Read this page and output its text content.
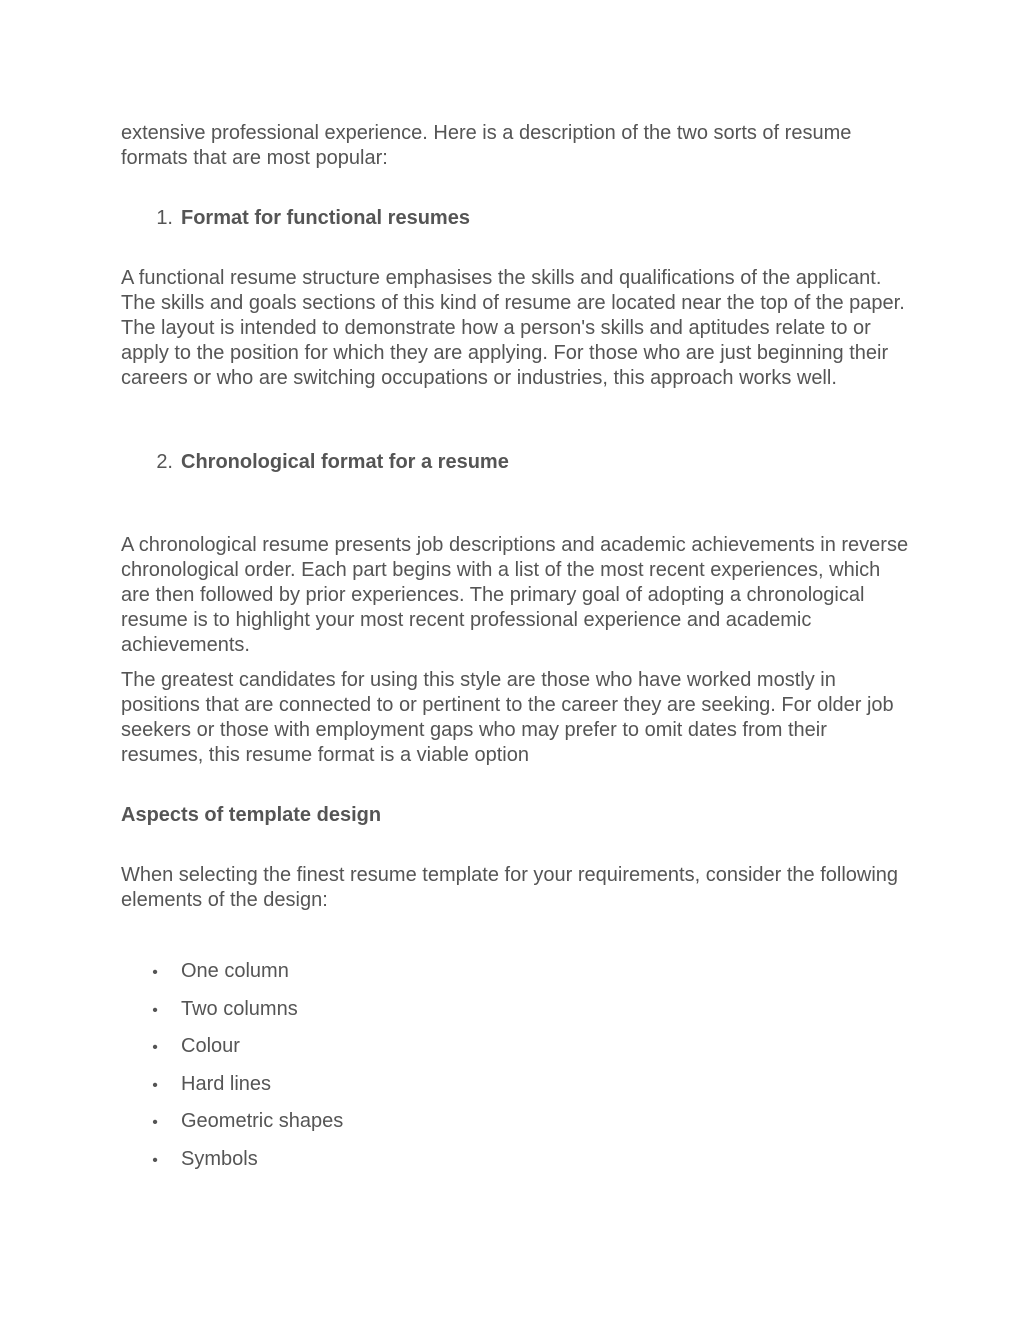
extensive professional experience. Here is a description of the two sorts of resume formats that are most popular:

1. Format for functional resumes

A functional resume structure emphasises the skills and qualifications of the applicant. The skills and goals sections of this kind of resume are located near the top of the paper. The layout is intended to demonstrate how a person's skills and aptitudes relate to or apply to the position for which they are applying. For those who are just beginning their careers or who are switching occupations or industries, this approach works well.

2. Chronological format for a resume

A chronological resume presents job descriptions and academic achievements in reverse chronological order. Each part begins with a list of the most recent experiences, which are then followed by prior experiences. The primary goal of adopting a chronological resume is to highlight your most recent professional experience and academic achievements.

The greatest candidates for using this style are those who have worked mostly in positions that are connected to or pertinent to the career they are seeking. For older job seekers or those with employment gaps who may prefer to omit dates from their resumes, this resume format is a viable option

Aspects of template design

When selecting the finest resume template for your requirements, consider the following elements of the design:

•	One column
•	Two columns
•	Colour
•	Hard lines
•	Geometric shapes
•	Symbols
